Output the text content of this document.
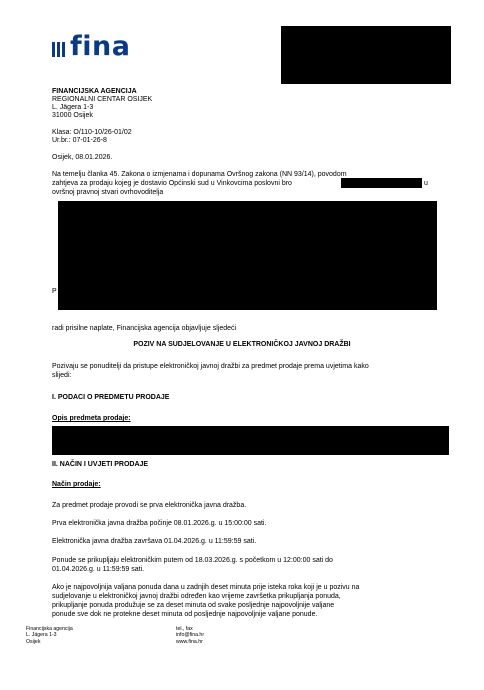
fina
FINANCIJSKA AGENCIJA
REGIONALNI CENTAR OSIJEK
L. Jägera 1-3
31000 Osijek
Klasa: O/110-10/26-01/02
Ur.br.: 07-01-26-8
Osijek, 08.01.2026.
Na temelju članka 45. Zakona o izmjenama i dopunama Ovršnog zakona (NN 93/14), povodom
zahtjeva za prodaju kojeg je dostavio Općinski sud u Vinkovcima poslovni bro	u
ovršnoj pravnoj stvari ovrhovoditelja
P
radi prisilne naplate, Financijska agencija objavljuje sljedeći
POZIV NA SUDJELOVANJE U ELEKTRONIČKOJ JAVNOJ DRAŽBI
Pozivaju se ponuditelji da pristupe elektroničkoj javnoj dražbi za predmet prodaje prema uvjetima kako
slijedi:
I. PODACI O PREDMETU PRODAJE
Opis predmeta prodaje:
II. NAČIN I UVJETI PRODAJE
Način prodaje:
Za predmet prodaje provodi se prva elektronička javna dražba.
Prva elektronička javna dražba počinje 08.01.2026.g. u 15:00:00 sati.
Elektronička javna dražba završava 01.04.2026.g. u 11:59:59 sati.
Ponude se prikupljaju elektroničkim putem od 18.03.2026.g. s početkom u 12:00:00 sati do
01.04.2026.g. u 11:59:59 sati.
Ako je najpovoljnija valjana ponuda dana u zadnjih deset minuta prije isteka roka koji je u pozivu na
sudjelovanje u elektroničkoj javnoj dražbi određen kao vrijeme završetka prikupljanja ponuda,
prikupljanje ponuda produžuje se za deset minuta od svake posljednje najpovoljnije valjane
ponude sve dok ne protekne deset minuta od posljednje najpovoljnije valjane ponude.
Financijska agencija
L. Jägera 1-3
Osijek
tel., fax
info@fina.hr
www.fina.hr
